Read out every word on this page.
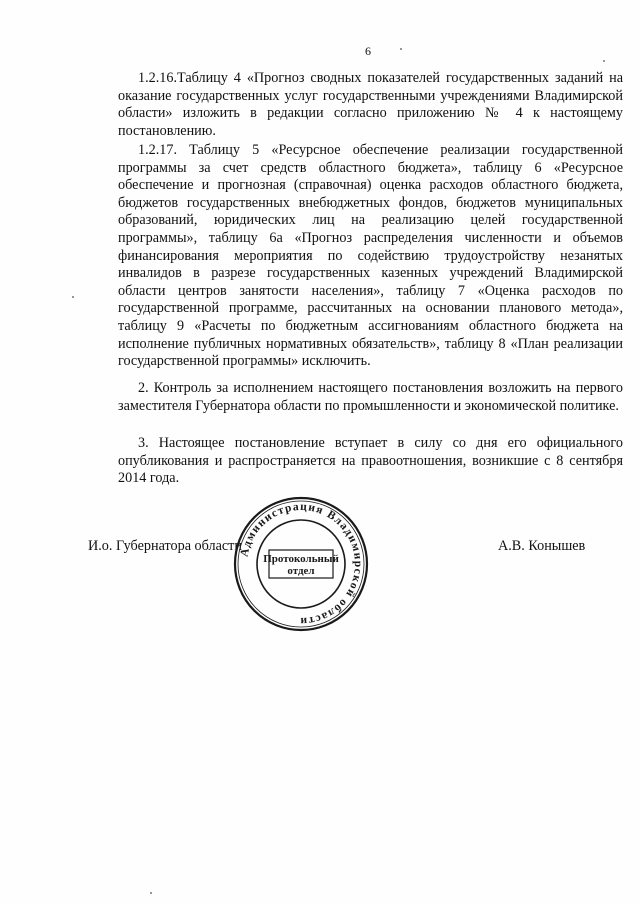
6

1.2.16.Таблицу 4 «Прогноз сводных показателей государственных заданий на оказание государственных услуг государственными учреждениями Владимирской области» изложить в редакции согласно приложению № 4 к настоящему постановлению.

1.2.17. Таблицу 5 «Ресурсное обеспечение реализации государственной программы за счет средств областного бюджета», таблицу 6 «Ресурсное обеспечение и прогнозная (справочная) оценка расходов областного бюджета, бюджетов государственных внебюджетных фондов, бюджетов муниципальных образований, юридических лиц на реализацию целей государственной программы», таблицу 6а «Прогноз распределения численности и объемов финансирования мероприятия по содействию трудоустройству незанятых инвалидов в разрезе государственных казенных учреждений Владимирской области центров занятости населения», таблицу 7 «Оценка расходов по государственной программе, рассчитанных на основании планового метода», таблицу 9 «Расчеты по бюджетным ассигнованиям областного бюджета на исполнение публичных нормативных обязательств», таблицу 8 «План реализации государственной программы» исключить.

2. Контроль за исполнением настоящего постановления возложить на первого заместителя Губернатора области по промышленности и экономической политике.

3. Настоящее постановление вступает в силу со дня его официального опубликования и распространяется на правоотношения, возникшие с 8 сентября 2014 года.

И.о. Губернатора области	А.В. Конышев
Администрация Владимирской области
Протокольный
отдел
